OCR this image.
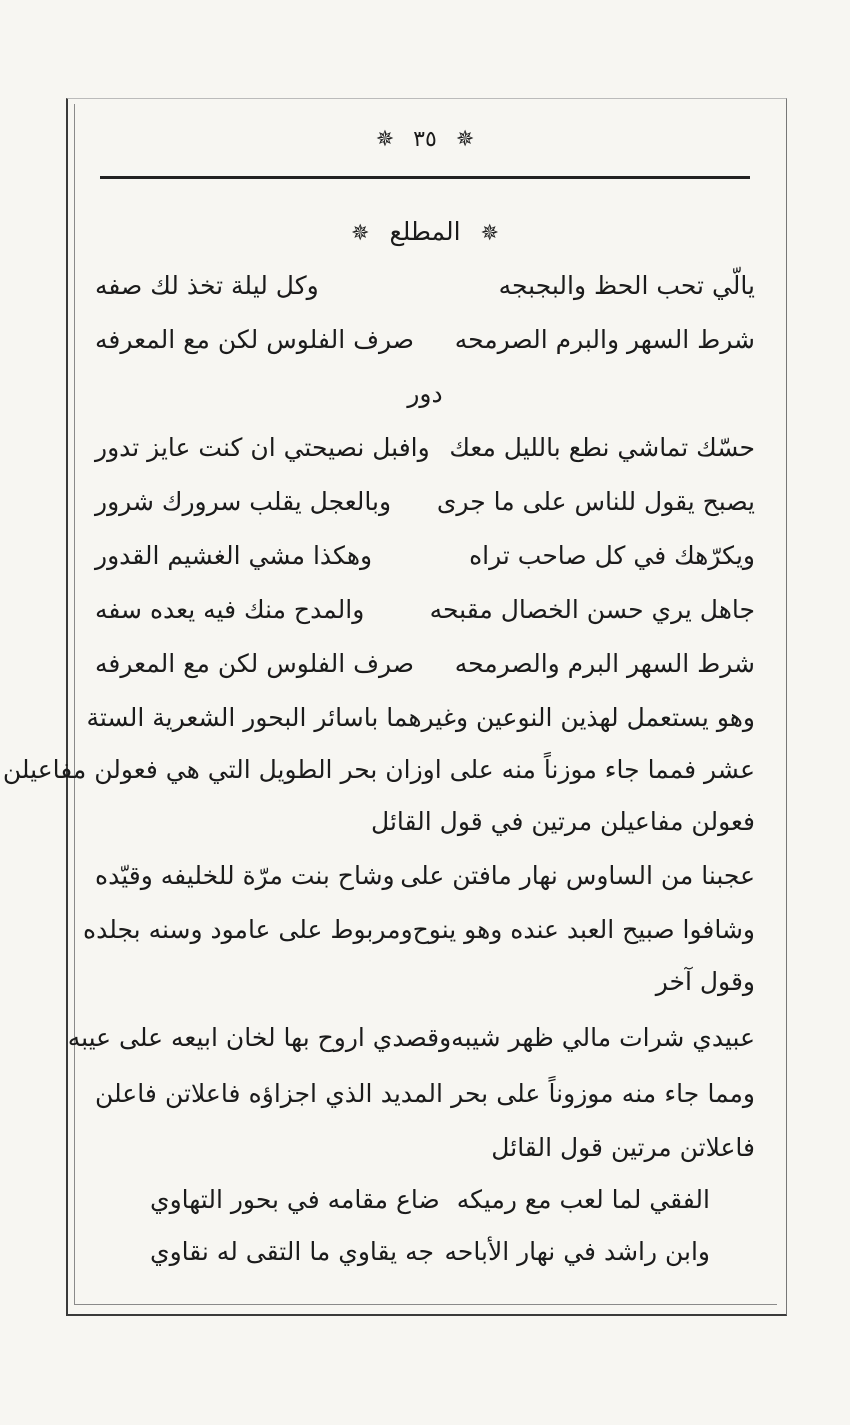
✵ ٣٥ ✵
✵ المطلع ✵
يالّي تحب الحظ والبجبجه
وكل ليلة تخذ لك صفه
شرط السهر والبرم الصرمحه
صرف الفلوس لكن مع المعرفه
دور
حسّك تماشي نطع بالليل معك
وافبل نصيحتي ان كنت عايز تدور
يصبح يقول للناس على ما جرى
وبالعجل يقلب سرورك شرور
ويكرّهك في كل صاحب تراه
وهكذا مشي الغشيم القدور
جاهل يري حسن الخصال مقبحه
والمدح منك فيه يعده سفه
شرط السهر البرم والصرمحه
صرف الفلوس لكن مع المعرفه
وهو يستعمل لهذين النوعين وغيرهما باسائر البحور الشعرية الستة
عشر فمما جاء موزناً منه على اوزان بحر الطويل التي هي فعولن مفاعيلن
فعولن مفاعيلن مرتين في قول القائل
عجبنا من الساوس نهار مافتن على
وشاح بنت مرّة للخليفه وقيّده
وشافوا صبيح العبد عنده وهو ينوح
ومربوط على عامود وسنه بجلده
وقول آخر
عبيدي شرات مالي ظهر شيبه
وقصدي اروح بها لخان ابيعه على عيبه
ومما جاء منه موزوناً على بحر المديد الذي اجزاؤه فاعلاتن فاعلن
فاعلاتن مرتين قول القائل
الفقي لما لعب مع رميكه
ضاع مقامه في بحور التهاوي
وابن راشد في نهار الأباحه
جه يقاوي ما التقى له نقاوي
